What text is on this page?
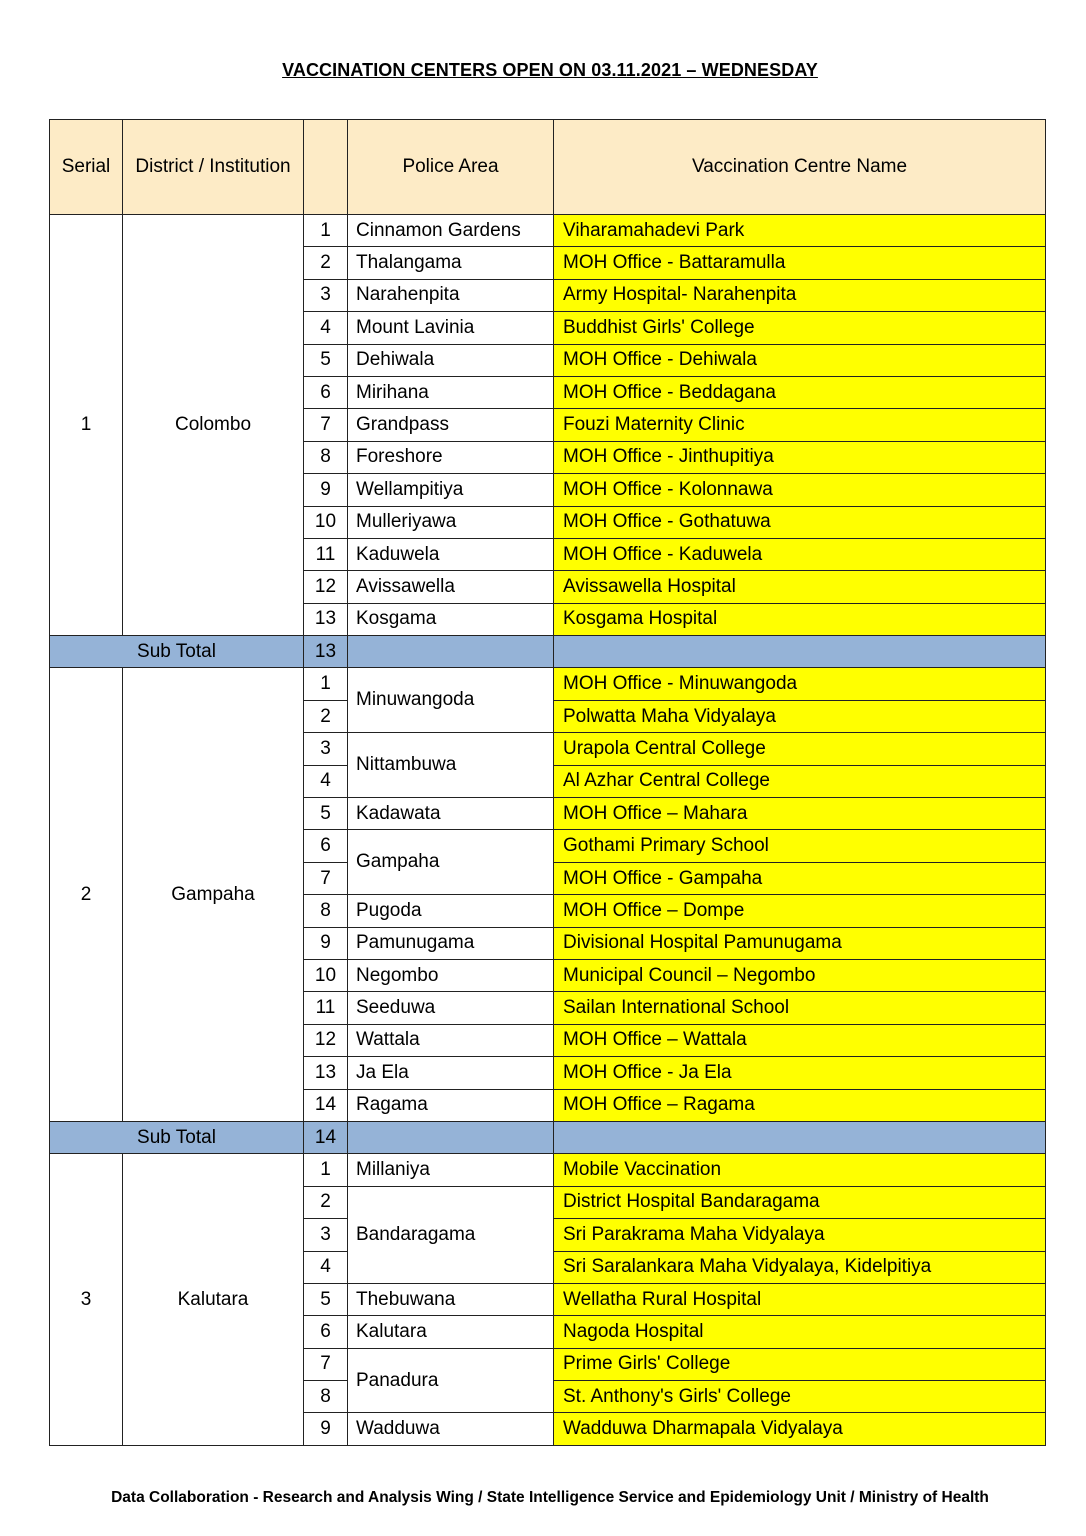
VACCINATION CENTERS OPEN ON 03.11.2021 – WEDNESDAY
Serial	District / Institution		Police Area	Vaccination Centre Name
1	Colombo	1	Cinnamon Gardens	Viharamahadevi Park
		2	Thalangama	MOH Office - Battaramulla
		3	Narahenpita	Army Hospital- Narahenpita
		4	Mount Lavinia	Buddhist Girls' College
		5	Dehiwala	MOH Office - Dehiwala
		6	Mirihana	MOH Office - Beddagana
		7	Grandpass	Fouzi Maternity Clinic
		8	Foreshore	MOH Office - Jinthupitiya
		9	Wellampitiya	MOH Office - Kolonnawa
		10	Mulleriyawa	MOH Office - Gothatuwa
		11	Kaduwela	MOH Office - Kaduwela
		12	Avissawella	Avissawella Hospital
		13	Kosgama	Kosgama Hospital
Sub Total		13		
2	Gampaha	1	Minuwangoda	MOH Office - Minuwangoda
		2		Polwatta Maha Vidyalaya
		3	Nittambuwa	Urapola Central College
		4		Al Azhar Central College
		5	Kadawata	MOH Office – Mahara
		6	Gampaha	Gothami Primary School
		7		MOH Office - Gampaha
		8	Pugoda	MOH Office – Dompe
		9	Pamunugama	Divisional Hospital Pamunugama
		10	Negombo	Municipal Council – Negombo
		11	Seeduwa	Sailan International School
		12	Wattala	MOH Office – Wattala
		13	Ja Ela	MOH Office - Ja Ela
		14	Ragama	MOH Office – Ragama
Sub Total		14		
3	Kalutara	1	Millaniya	Mobile Vaccination
		2	Bandaragama	District Hospital Bandaragama
		3		Sri Parakrama Maha Vidyalaya
		4		Sri Saralankara Maha Vidyalaya, Kidelpitiya
		5	Thebuwana	Wellatha Rural Hospital
		6	Kalutara	Nagoda Hospital
		7	Panadura	Prime Girls' College
		8		St. Anthony's Girls' College
		9	Wadduwa	Wadduwa Dharmapala Vidyalaya
Data Collaboration - Research and Analysis Wing / State Intelligence Service and Epidemiology Unit / Ministry of Health
